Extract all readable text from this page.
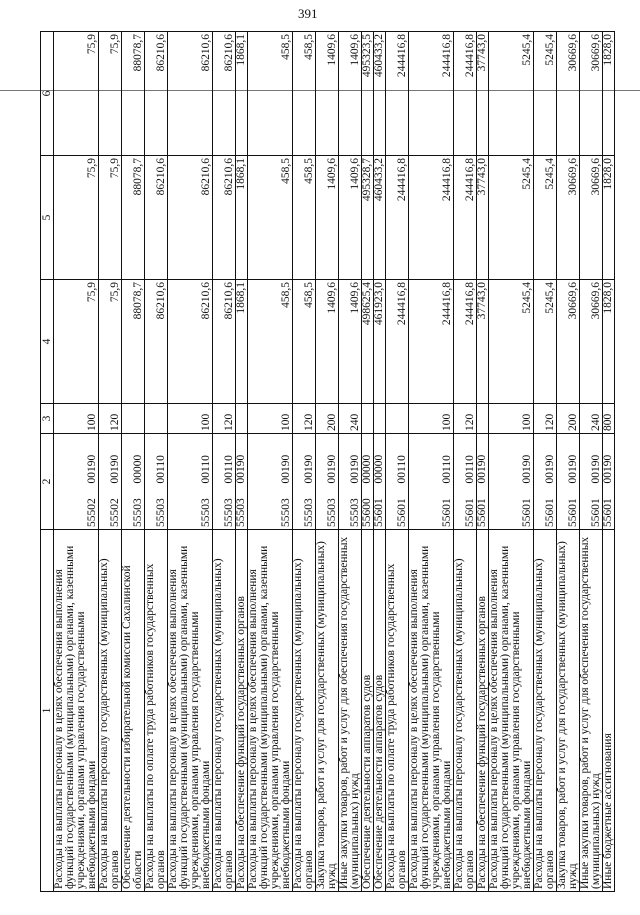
391
1	2		3	4	5	6
Расходы на выплаты персоналу в целях обеспечения выполнения функций государственными (муниципальными) органами, казенными учреждениями, органами управления государственными внебюджетными фондами	55502	00190	100	75,9	75,9	75,9
Расходы на выплаты персоналу государственных (муниципальных) органов	55502	00190	120	75,9	75,9	75,9
Обеспечение деятельности избирательной комиссии Сахалинской области	55503	00000		88078,7	88078,7	88078,7
Расходы на выплаты по оплате труда работников государственных органов	55503	00110		86210,6	86210,6	86210,6
Расходы на выплаты персоналу в целях обеспечения выполнения функций государственными (муниципальными) органами, казенными учреждениями, органами управления государственными внебюджетными фондами	55503	00110	100	86210,6	86210,6	86210,6
Расходы на выплаты персоналу государственных (муниципальных) органов	55503	00110	120	86210,6	86210,6	86210,6
Расходы на обеспечение функций государственных органов	55503	00190		1868,1	1868,1	1868,1
Расходы на выплаты персоналу в целях обеспечения выполнения функций государственными (муниципальными) органами, казенными учреждениями, органами управления государственными внебюджетными фондами	55503	00190	100	458,5	458,5	458,5
Расходы на выплаты персоналу государственных (муниципальных) органов	55503	00190	120	458,5	458,5	458,5
Закупка товаров, работ и услуг для государственных (муниципальных) нужд	55503	00190	200	1409,6	1409,6	1409,6
Иные закупки товаров, работ и услуг для обеспечения государственных (муниципальных) нужд	55503	00190	240	1409,6	1409,6	1409,6
Обеспечение деятельности аппаратов судов	55600	00000		498625,4	495328,7	495323,5
Обеспечение деятельности аппаратов судов	55601	00000		461923,0	460433,2	460433,2
Расходы на выплаты по оплате труда работников государственных органов	55601	00110		244416,8	244416,8	244416,8
Расходы на выплаты персоналу в целях обеспечения выполнения функций государственными (муниципальными) органами, казенными учреждениями, органами управления государственными внебюджетными фондами	55601	00110	100	244416,8	244416,8	244416,8
Расходы на выплаты персоналу государственных (муниципальных) органов	55601	00110	120	244416,8	244416,8	244416,8
Расходы на обеспечение функций государственных органов	55601	00190		37743,0	37743,0	37743,0
Расходы на выплаты персоналу в целях обеспечения выполнения функций государственными (муниципальными) органами, казенными учреждениями, органами управления государственными внебюджетными фондами	55601	00190	100	5245,4	5245,4	5245,4
Расходы на выплаты персоналу государственных (муниципальных) органов	55601	00190	120	5245,4	5245,4	5245,4
Закупка товаров, работ и услуг для государственных (муниципальных) нужд	55601	00190	200	30669,6	30669,6	30669,6
Иные закупки товаров, работ и услуг для обеспечения государственных (муниципальных) нужд	55601	00190	240	30669,6	30669,6	30669,6
Иные бюджетные ассигнования	55601	00190	800	1828,0	1828,0	1828,0
